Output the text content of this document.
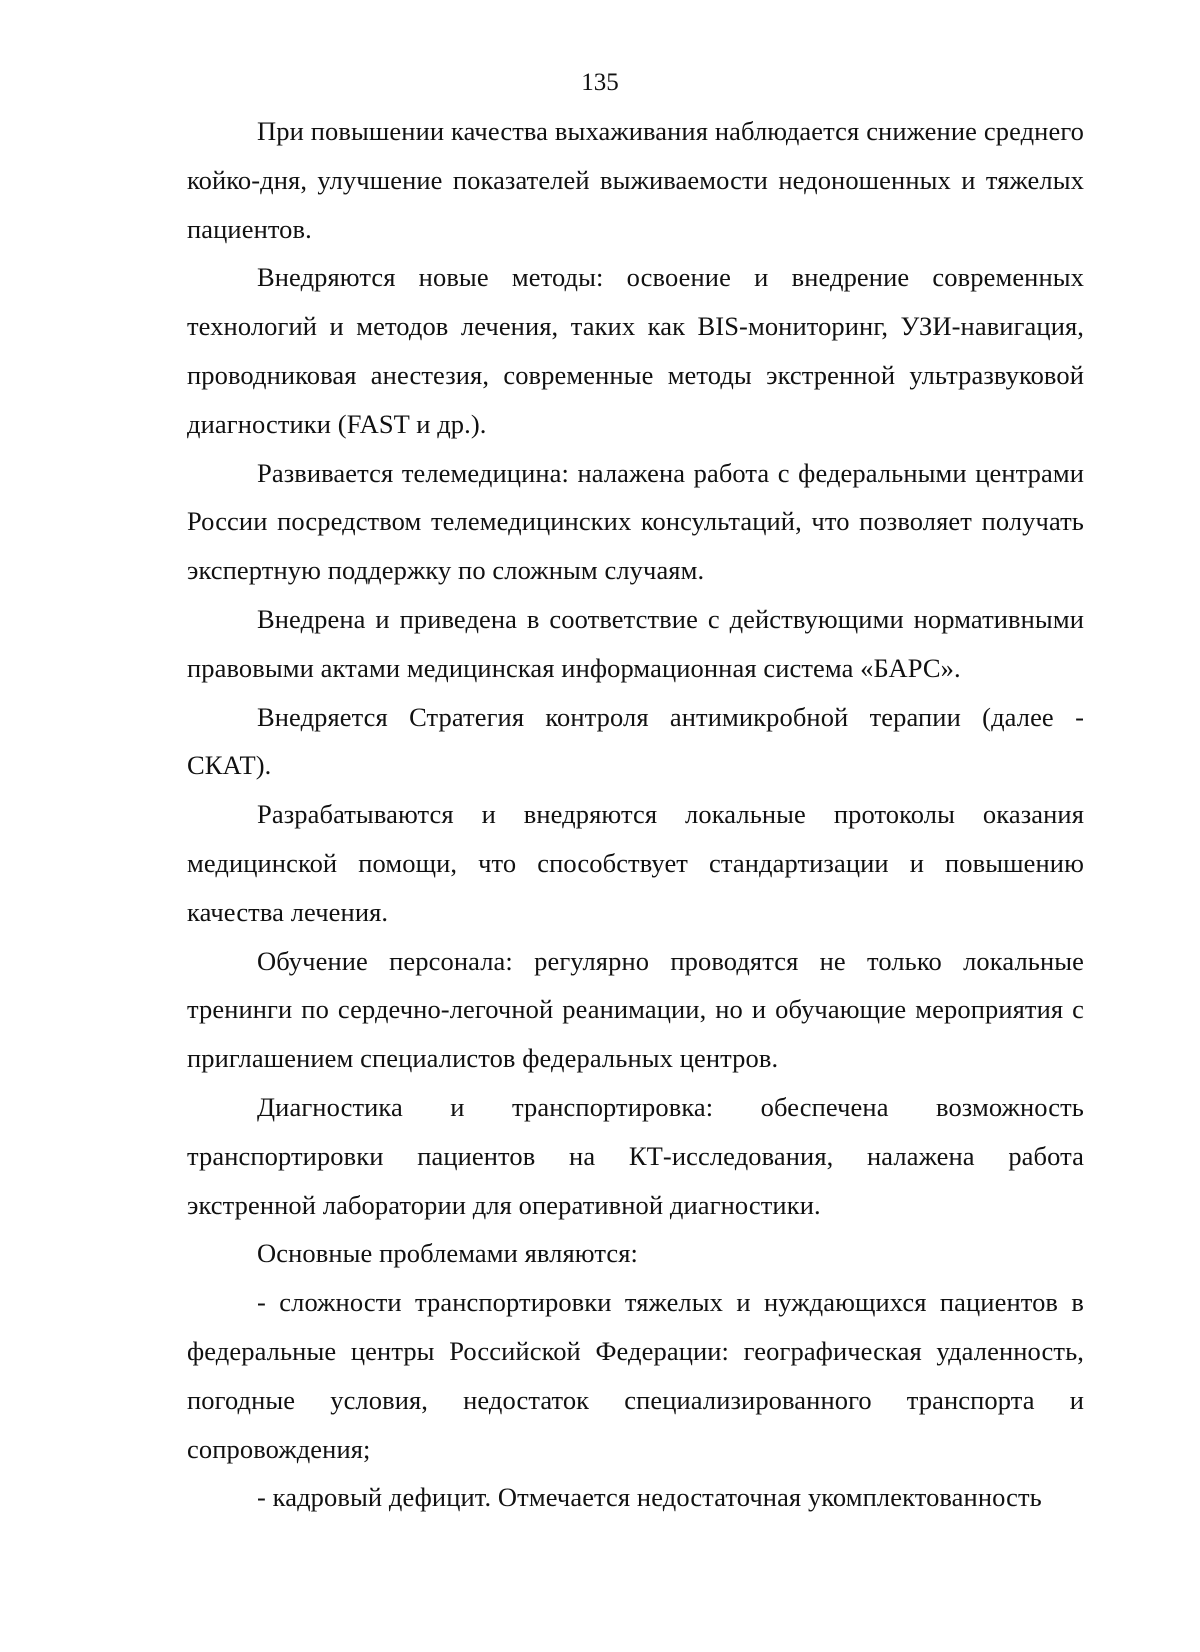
135

При повышении качества выхаживания наблюдается снижение среднего койко-дня, улучшение показателей выживаемости недоношенных и тяжелых пациентов.

Внедряются новые методы: освоение и внедрение современных технологий и методов лечения, таких как BIS-мониторинг, УЗИ-навигация, проводниковая анестезия, современные методы экстренной ультразвуковой диагностики (FAST и др.).

Развивается телемедицина: налажена работа с федеральными центрами России посредством телемедицинских консультаций, что позволяет получать экспертную поддержку по сложным случаям.

Внедрена и приведена в соответствие с действующими нормативными правовыми актами медицинская информационная система «БАРС».

Внедряется Стратегия контроля антимикробной терапии (далее - СКАТ).

Разрабатываются и внедряются локальные протоколы оказания медицинской помощи, что способствует стандартизации и повышению качества лечения.

Обучение персонала: регулярно проводятся не только локальные тренинги по сердечно-легочной реанимации, но и обучающие мероприятия с приглашением специалистов федеральных центров.

Диагностика и транспортировка: обеспечена возможность транспортировки пациентов на КТ-исследования, налажена работа экстренной лаборатории для оперативной диагностики.

Основные проблемами являются:

- сложности транспортировки тяжелых и нуждающихся пациентов в федеральные центры Российской Федерации: географическая удаленность, погодные условия, недостаток специализированного транспорта и сопровождения;

- кадровый дефицит. Отмечается недостаточная укомплектованность
